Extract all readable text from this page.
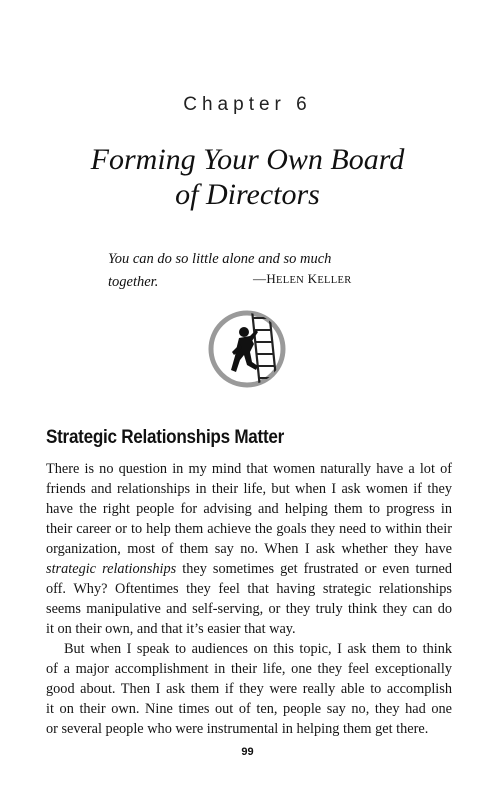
Chapter 6
Forming Your Own Board
of Directors
You can do so little alone and so much
together.	—HELEN KELLER
Strategic Relationships Matter
There is no question in my mind that women naturally have a lot of
friends and relationships in their life, but when I ask women if they
have the right people for advising and helping them to progress in
their career or to help them achieve the goals they need to within their
organization, most of them say no. When I ask whether they have
strategic relationships they sometimes get frustrated or even turned
off. Why? Oftentimes they feel that having strategic relationships
seems manipulative and self-serving, or they truly think they can do
it on their own, and that it’s easier that way.
But when I speak to audiences on this topic, I ask them to think
of a major accomplishment in their life, one they feel exceptionally
good about. Then I ask them if they were really able to accomplish
it on their own. Nine times out of ten, people say no, they had one
or several people who were instrumental in helping them get there.
99
